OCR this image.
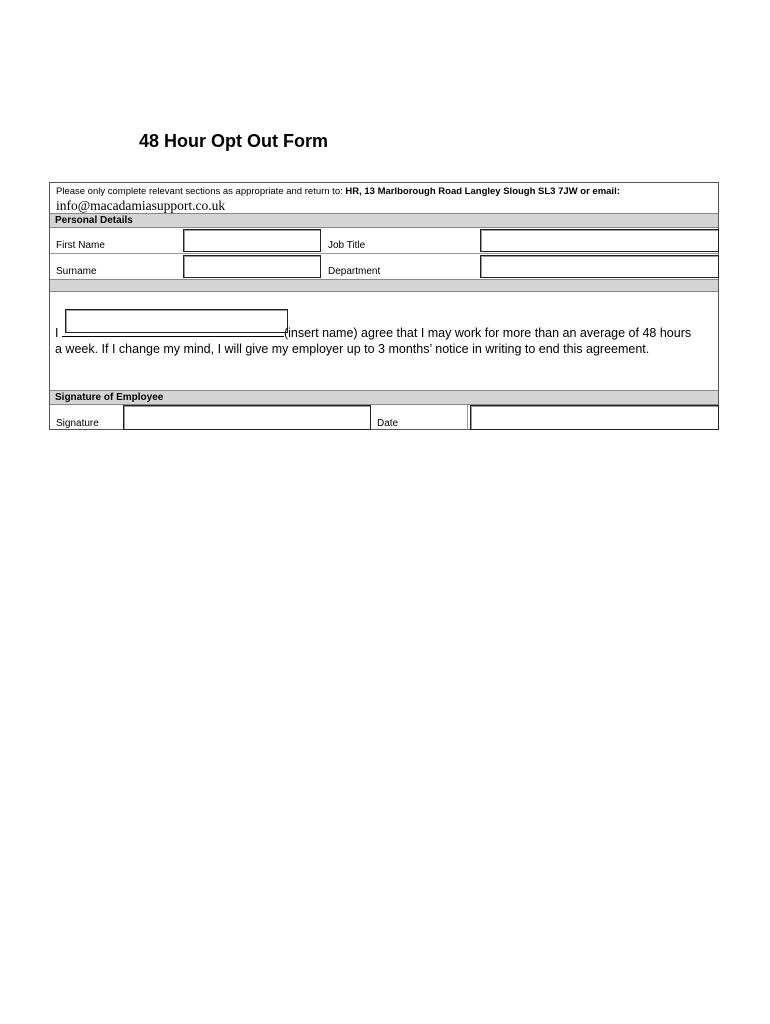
48 Hour Opt Out Form
Please only complete relevant sections as appropriate and return to: HR, 13 Marlborough Road Langley Slough SL3 7JW or email:
info@macadamiasupport.co.uk
Personal Details
First Name	Job Title
Surname	Department
I	(insert name) agree that I may work for more than an average of 48 hours
a week. If I change my mind, I will give my employer up to 3 months’ notice in writing to end this agreement.
Signature of Employee
Signature	Date
